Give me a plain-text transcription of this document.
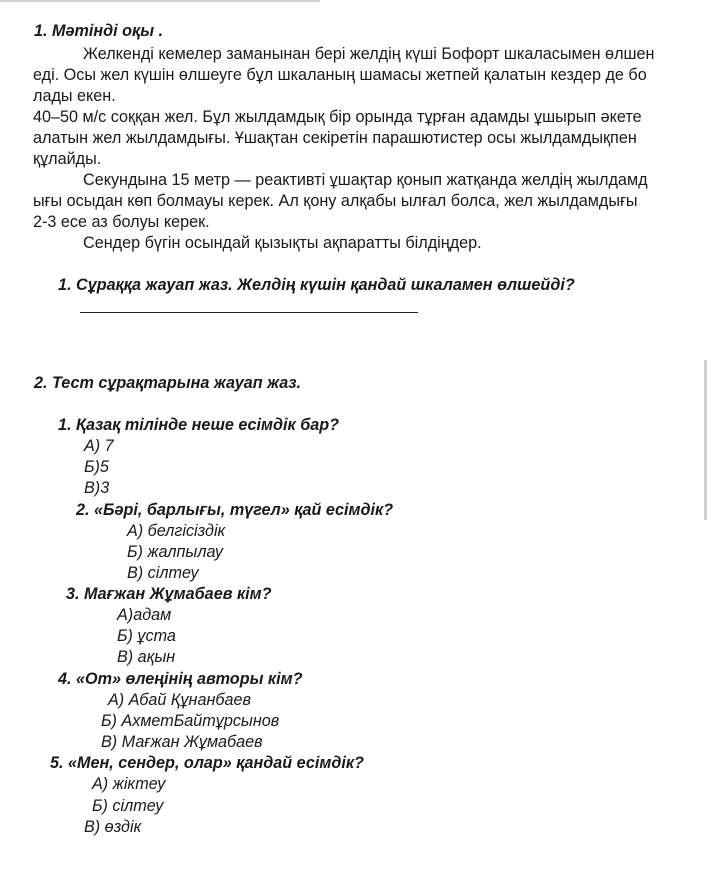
1. Мәтінді оқы .
Желкенді кемелер заманынан бері желдің күші Бофорт шкаласымен өлшен
еді. Осы жел күшін өлшеуге бұл шкаланың шамасы жетпей қалатын кездер де бо
лады екен.
40–50 м/с соққан жел. Бұл жылдамдық бір орында тұрған адамды ұшырып әкете
алатын жел жылдамдығы. Ұшақтан секіретін парашютистер осы жылдамдықпен
құлайды.
Секундына 15 метр — реактивті ұшақтар қонып жатқанда желдің жылдамд
ығы осыдан көп болмауы керек. Ал қону алқабы ылғал болса, жел жылдамдығы
2-3 есе аз болуы керек.
Сендер бүгін осындай қызықты ақпаратты білдіңдер.
1. Сұраққа жауап жаз. Желдің күшін қандай шкаламен өлшейді?
2. Тест сұрақтарына жауап жаз.
1. Қазақ тілінде неше есімдік бар?
А) 7
Б)5
В)3
2. «Бәрі, барлығы, түгел» қай есімдік?
А) белгісіздік
Б) жалпылау
В) сілтеу
3. Мағжан Жұмабаев кім?
А)адам
Б) ұста
В) ақын
4. «От» өлеңінің авторы кім?
А) Абай Құнанбаев
Б) АхметБайтұрсынов
В) Мағжан Жұмабаев
5. «Мен, сендер, олар» қандай есімдік?
А) жіктеу
Б) сілтеу
В) өздік
